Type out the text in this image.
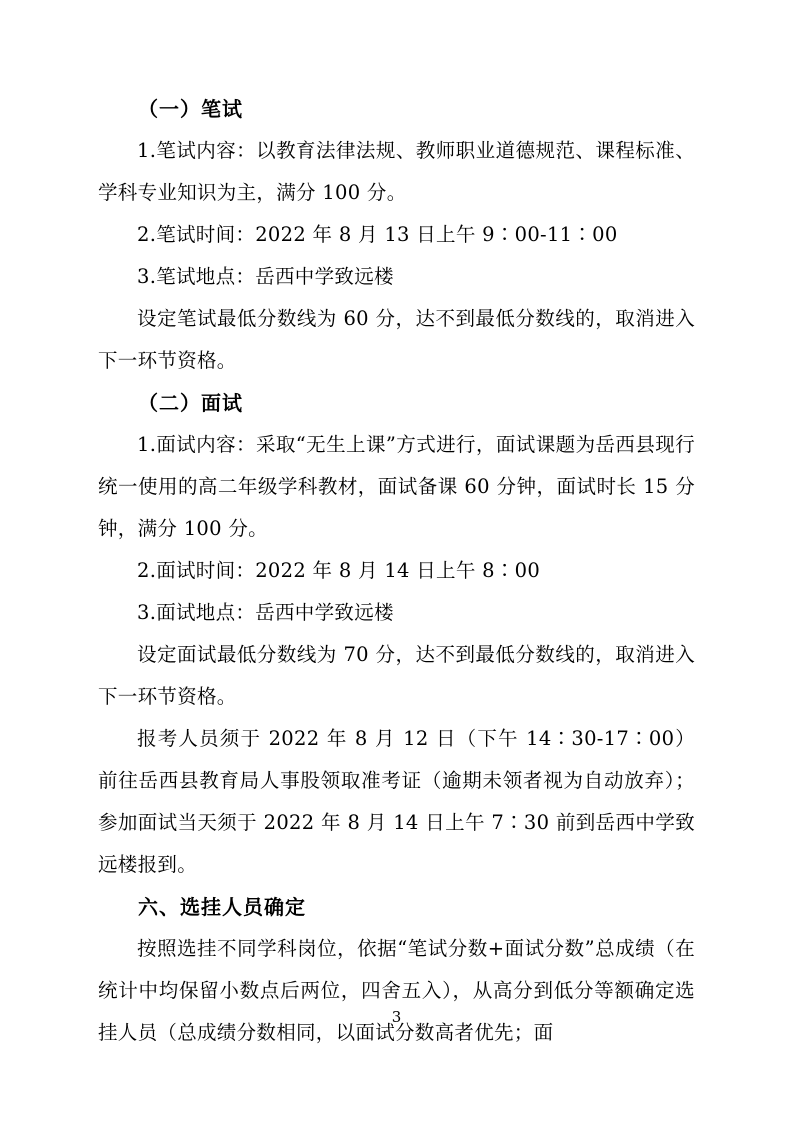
（一）笔试

1.笔试内容：以教育法律法规、教师职业道德规范、课程标准、学科专业知识为主，满分 100 分。

2.笔试时间：2022 年 8 月 13 日上午 9∶00-11∶00

3.笔试地点：岳西中学致远楼

设定笔试最低分数线为 60 分，达不到最低分数线的，取消进入下一环节资格。

（二）面试

1.面试内容：采取“无生上课”方式进行，面试课题为岳西县现行统一使用的高二年级学科教材，面试备课 60 分钟，面试时长 15 分钟，满分 100 分。

2.面试时间：2022 年 8 月 14 日上午 8∶00

3.面试地点：岳西中学致远楼

设定面试最低分数线为 70 分，达不到最低分数线的，取消进入下一环节资格。

报考人员须于 2022 年 8 月 12 日（下午 14∶30-17∶00）前往岳西县教育局人事股领取准考证（逾期未领者视为自动放弃）；参加面试当天须于 2022 年 8 月 14 日上午 7∶30 前到岳西中学致远楼报到。

六、选挂人员确定

按照选挂不同学科岗位，依据“笔试分数+面试分数”总成绩（在统计中均保留小数点后两位，四舍五入），从高分到低分等额确定选挂人员（总成绩分数相同，以面试分数高者优先；面

3
